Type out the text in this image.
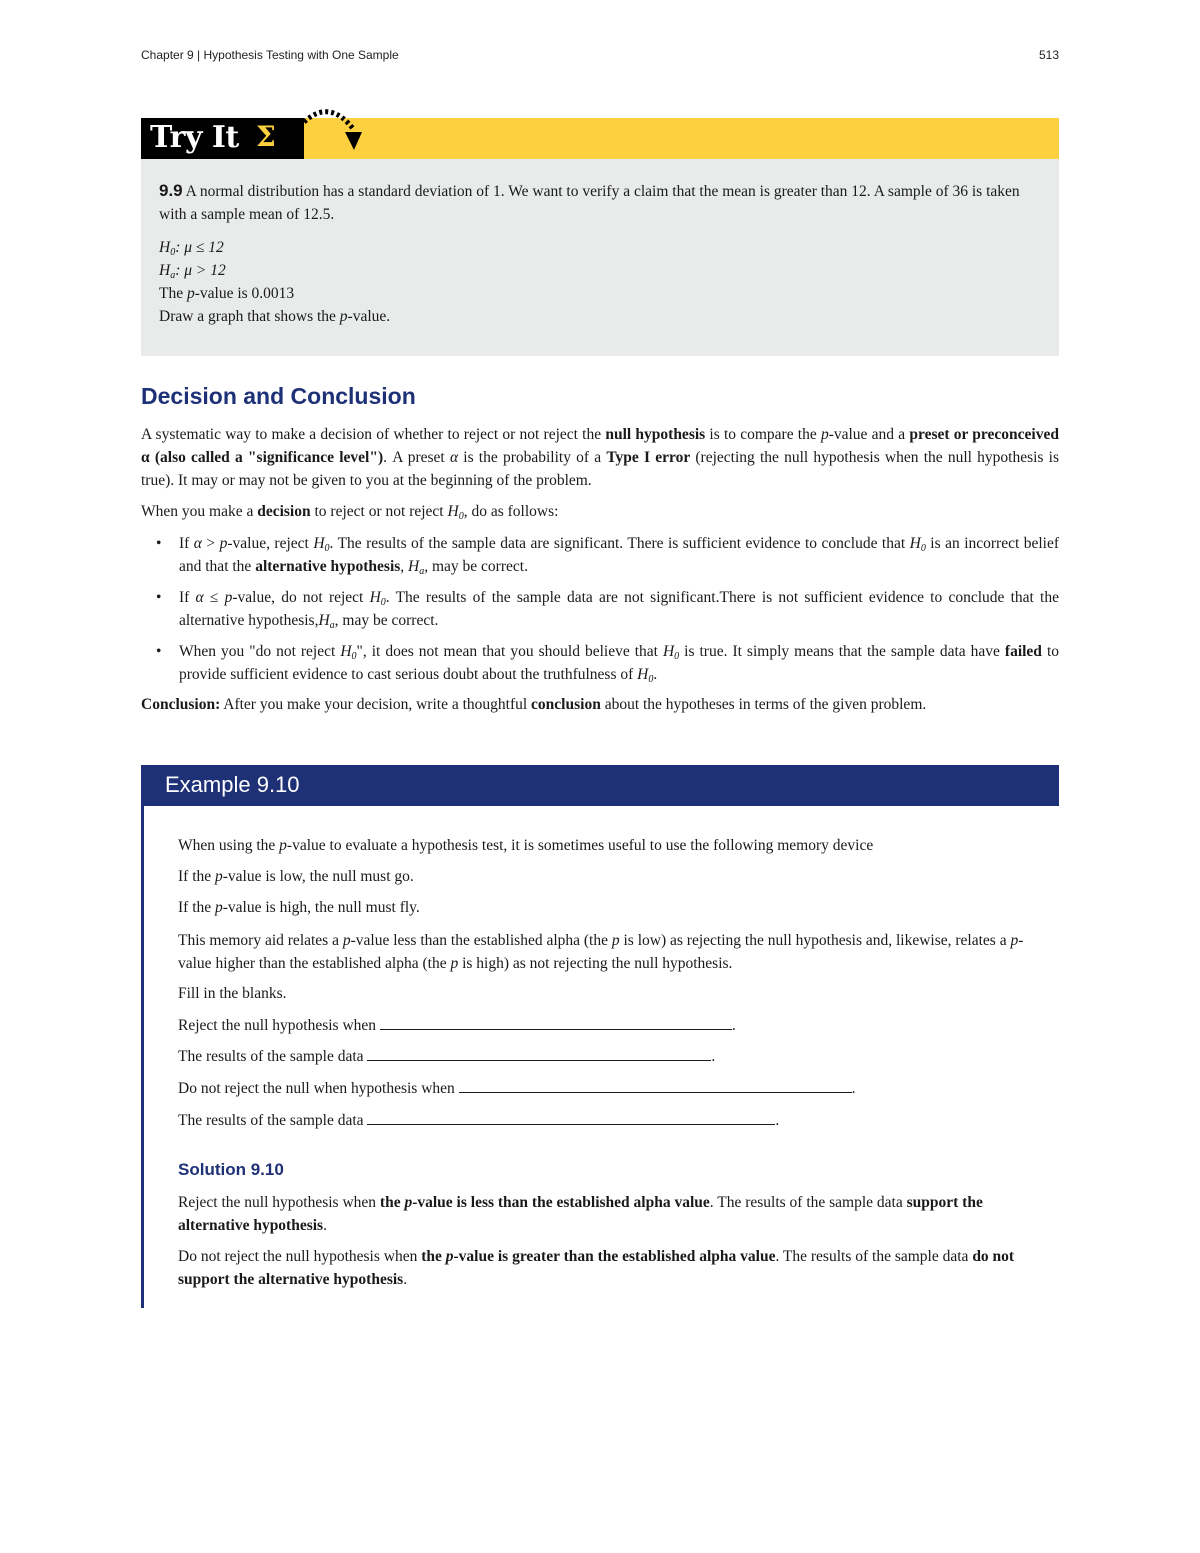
Chapter 9 | Hypothesis Testing with One Sample	513
Try It Σ

9.9 A normal distribution has a standard deviation of 1. We want to verify a claim that the mean is greater than 12. A sample of 36 is taken with a sample mean of 12.5.

$H_0$: μ ≤ 12

$H_a$: μ > 12

The p-value is 0.0013

Draw a graph that shows the p-value.

Decision and Conclusion

A systematic way to make a decision of whether to reject or not reject the null hypothesis is to compare the p-value and a preset or preconceived α (also called a "significance level"). A preset α is the probability of a Type I error (rejecting the null hypothesis when the null hypothesis is true). It may or may not be given to you at the beginning of the problem.

When you make a decision to reject or not reject $H_0$, do as follows:

• If α > p-value, reject $H_0$. The results of the sample data are significant. There is sufficient evidence to conclude that $H_0$ is an incorrect belief and that the alternative hypothesis, $H_a$, may be correct.
• If α ≤ p-value, do not reject $H_0$. The results of the sample data are not significant.There is not sufficient evidence to conclude that the alternative $hypothesis,H_a$, may be correct.
• When you "do not reject $H_0$", it does not mean that you should believe that $H_0$ is true. It simply means that the sample data have failed to provide sufficient evidence to cast serious doubt about the truthfulness of $H_0$.

Conclusion: After you make your decision, write a thoughtful conclusion about the hypotheses in terms of the given problem.

Example 9.10

When using the p-value to evaluate a hypothesis test, it is sometimes useful to use the following memory device

If the p-value is low, the null must go.

If the p-value is high, the null must fly.

This memory aid relates a p-value less than the established alpha (the p is low) as rejecting the null hypothesis and, likewise, relates a p-value higher than the established alpha (the p is high) as not rejecting the null hypothesis.

Fill in the blanks.

Reject the null hypothesis when	.

The results of the sample data	.

Do not reject the null when hypothesis when	.

The results of the sample data	.

Solution 9.10

Reject the null hypothesis when the p-value is less than the established alpha value. The results of the sample data support the alternative hypothesis.

Do not reject the null hypothesis when the p-value is greater than the established alpha value. The results of the sample data do not support the alternative hypothesis.
